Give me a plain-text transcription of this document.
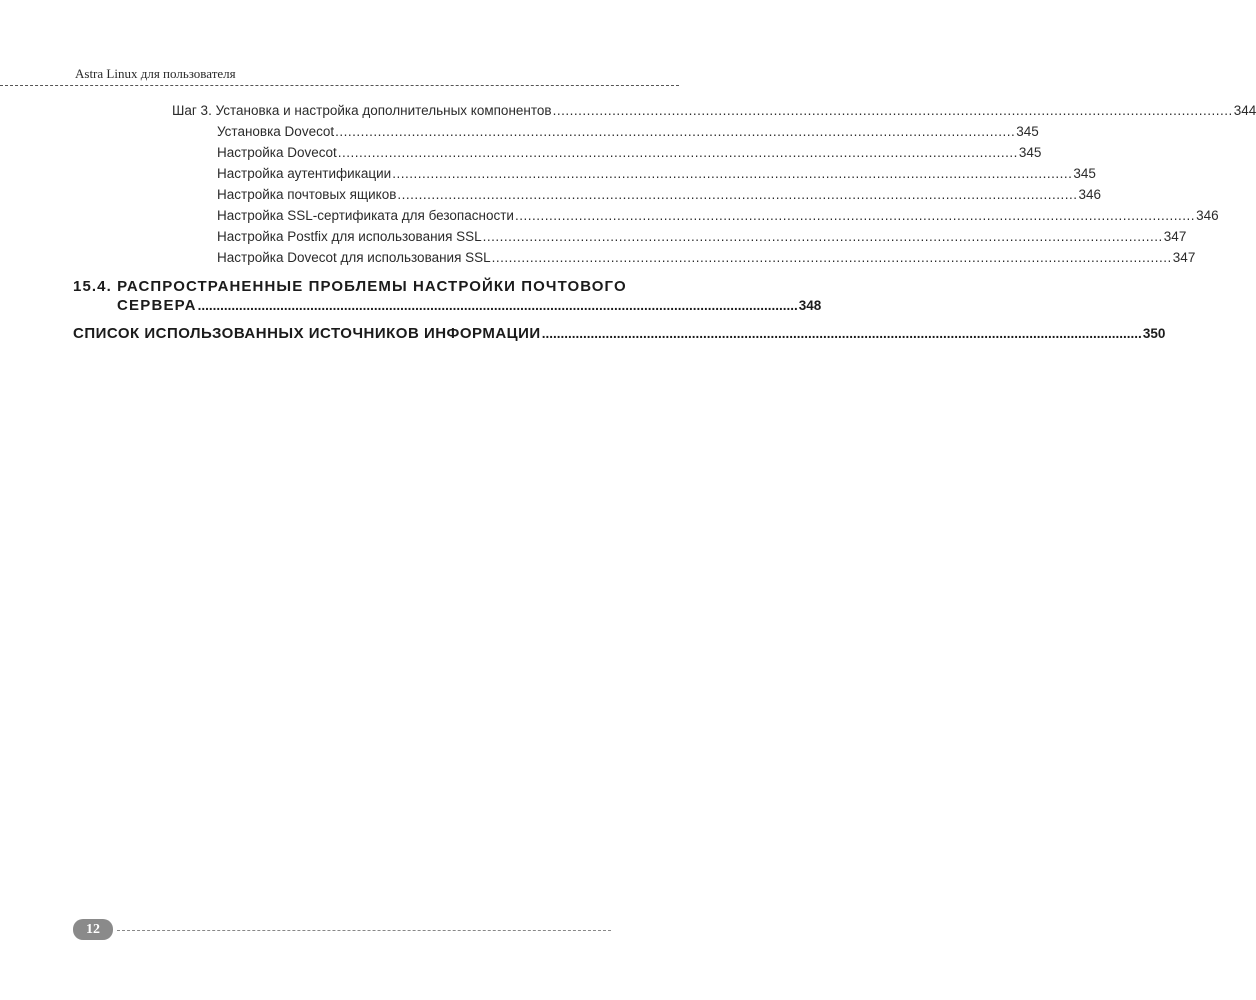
Astra Linux для пользователя
Шаг 3. Установка и настройка дополнительных компонентов ................................................................................................................................................................ 344
Установка Dovecot ................................................................................................................................................................ 345
Настройка Dovecot ................................................................................................................................................................ 345
Настройка аутентификации ................................................................................................................................................................ 345
Настройка почтовых ящиков ................................................................................................................................................................ 346
Настройка SSL-сертификата для безопасности ................................................................................................................................................................ 346
Настройка Postfix для использования SSL ................................................................................................................................................................ 347
Настройка Dovecot для использования SSL ................................................................................................................................................................ 347
15.4. РАСПРОСТРАНЕННЫЕ ПРОБЛЕМЫ НАСТРОЙКИ ПОЧТОВОГО
СЕРВЕРА ................................................................................................................................................................ 348
СПИСОК ИСПОЛЬЗОВАННЫХ ИСТОЧНИКОВ ИНФОРМАЦИИ ................................................................................................................................................................ 350
12
